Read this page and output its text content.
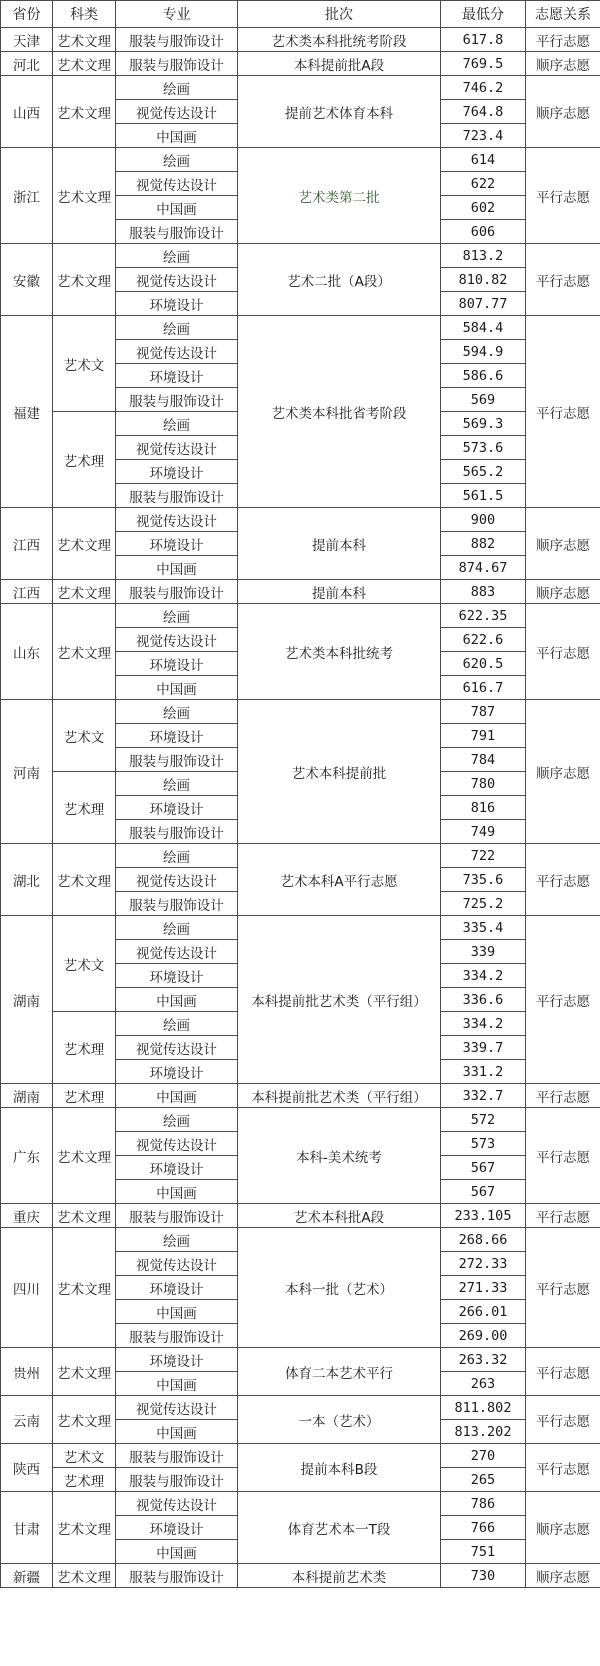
省份	科类	专业	批次	最低分	志愿关系
天津	艺术文理	服装与服饰设计	艺术类本科批统考阶段	617.8	平行志愿
河北	艺术文理	服装与服饰设计	本科提前批A段	769.5	顺序志愿
山西	艺术文理	绘画	提前艺术体育本科	746.2	顺序志愿
		视觉传达设计		764.8	
		中国画		723.4	
浙江	艺术文理	绘画	艺术类第二批	614	平行志愿
		视觉传达设计		622	
		中国画		602	
		服装与服饰设计		606	
安徽	艺术文理	绘画	艺术二批（A段）	813.2	平行志愿
		视觉传达设计		810.82	
		环境设计		807.77	
福建	艺术文	绘画	艺术类本科批省考阶段	584.4	平行志愿
		视觉传达设计		594.9	
		环境设计		586.6	
		服装与服饰设计		569	
	艺术理	绘画		569.3	
		视觉传达设计		573.6	
		环境设计		565.2	
		服装与服饰设计		561.5	
江西	艺术文理	视觉传达设计	提前本科	900	顺序志愿
		环境设计		882	
		中国画		874.67	
江西	艺术文理	服装与服饰设计	提前本科	883	顺序志愿
山东	艺术文理	绘画	艺术类本科批统考	622.35	平行志愿
		视觉传达设计		622.6	
		环境设计		620.5	
		中国画		616.7	
河南	艺术文	绘画	艺术本科提前批	787	顺序志愿
		环境设计		791	
		服装与服饰设计		784	
	艺术理	绘画		780	
		环境设计		816	
		服装与服饰设计		749	
湖北	艺术文理	绘画	艺术本科A平行志愿	722	平行志愿
		视觉传达设计		735.6	
		服装与服饰设计		725.2	
湖南	艺术文	绘画	本科提前批艺术类（平行组）	335.4	平行志愿
		视觉传达设计		339	
		环境设计		334.2	
		中国画		336.6	
	艺术理	绘画		334.2	
		视觉传达设计		339.7	
		环境设计		331.2	
湖南	艺术理	中国画	本科提前批艺术类（平行组）	332.7	平行志愿
广东	艺术文理	绘画	本科-美术统考	572	平行志愿
		视觉传达设计		573	
		环境设计		567	
		中国画		567	
重庆	艺术文理	服装与服饰设计	艺术本科批A段	233.105	平行志愿
四川	艺术文理	绘画	本科一批（艺术）	268.66	平行志愿
		视觉传达设计		272.33	
		环境设计		271.33	
		中国画		266.01	
		服装与服饰设计		269.00	
贵州	艺术文理	环境设计	体育二本艺术平行	263.32	平行志愿
		中国画		263	
云南	艺术文理	视觉传达设计	一本（艺术）	811.802	平行志愿
		中国画		813.202	
陕西	艺术文	服装与服饰设计	提前本科B段	270	平行志愿
	艺术理	服装与服饰设计		265	
甘肃	艺术文理	视觉传达设计	体育艺术本一T段	786	顺序志愿
		环境设计		766	
		中国画		751	
新疆	艺术文理	服装与服饰设计	本科提前艺术类	730	顺序志愿
